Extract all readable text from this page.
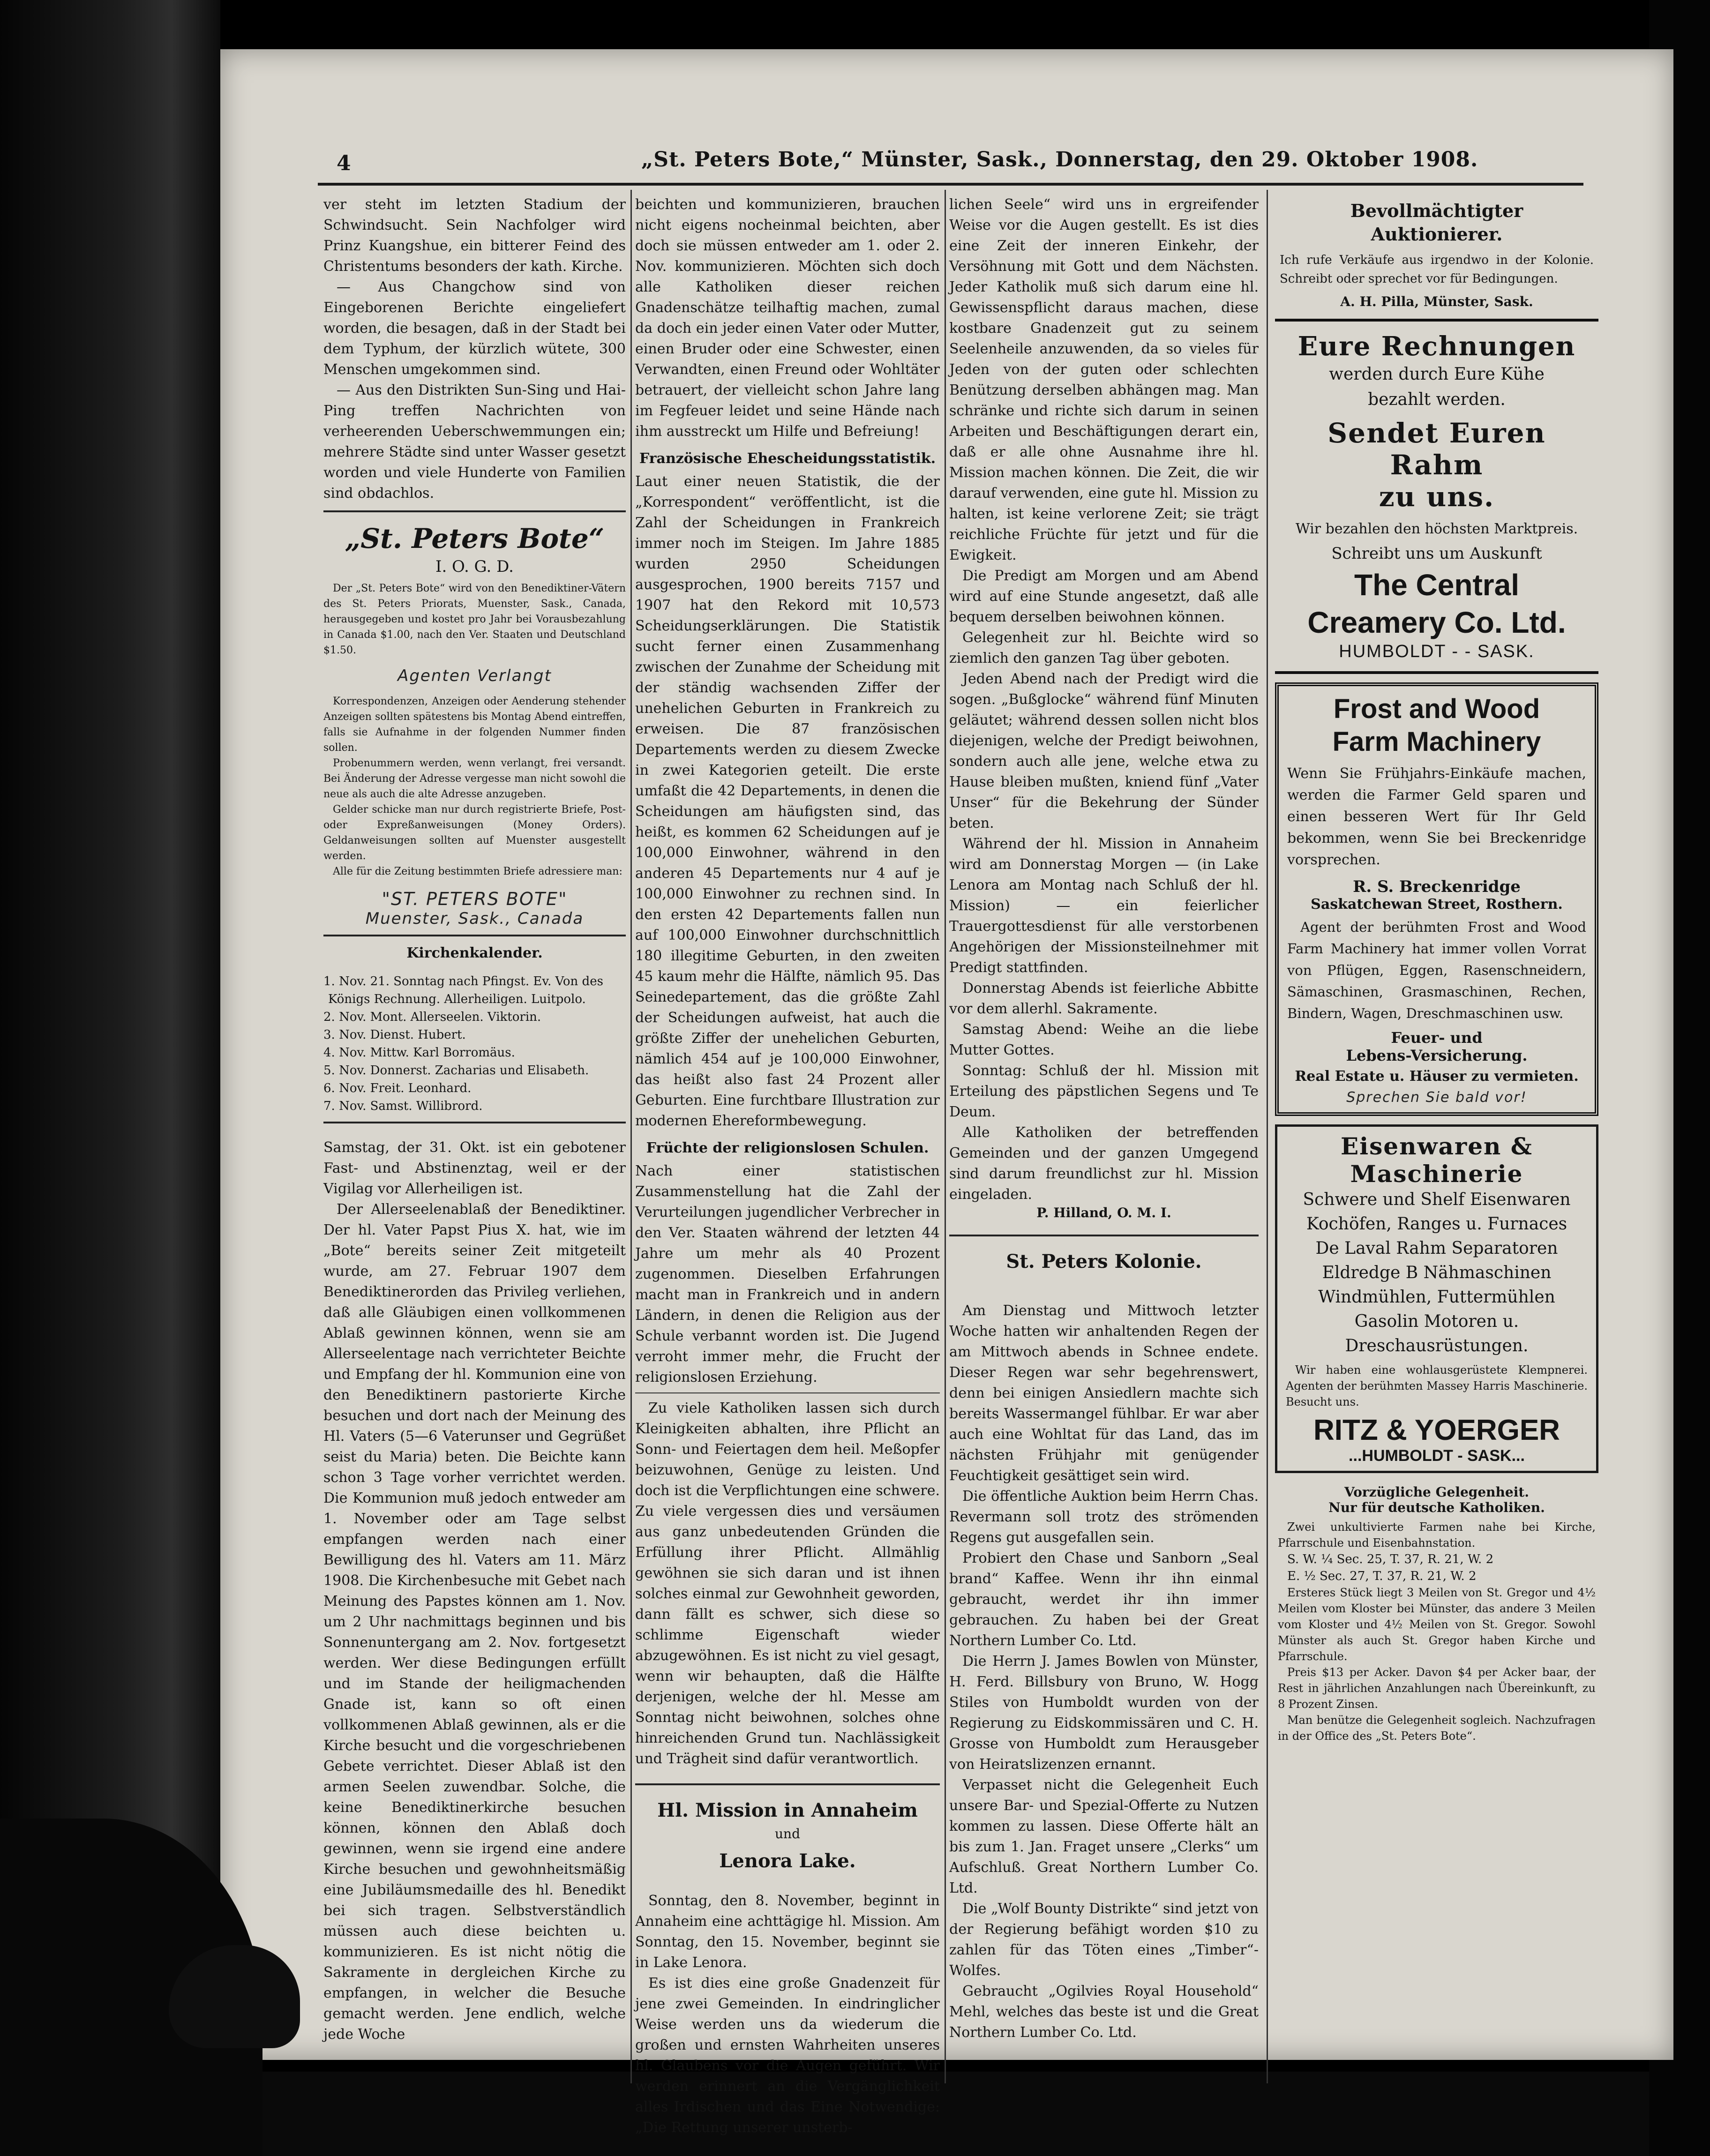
4	„St. Peters Bote,“ Münster, Sask., Donnerstag, den 29. Oktober 1908.

ver steht im letzten Stadium der Schwindsucht. Sein Nachfolger wird Prinz Kuangshue, ein bitterer Feind des Christentums besonders der kath. Kirche.

— Aus Changchow sind von Eingeborenen Berichte eingeliefert worden, die besagen, daß in der Stadt bei dem Typhum, der kürzlich wütete, 300 Menschen umgekommen sind.

— Aus den Distrikten Sun-Sing und Hai-Ping treffen Nachrichten von verheerenden Ueberschwemmungen ein; mehrere Städte sind unter Wasser gesetzt worden und viele Hunderte von Familien sind obdachlos.

„St. Peters Bote“
I. O. G. D.

Der „St. Peters Bote“ wird von den Benediktiner-Vätern des St. Peters Priorats, Muenster, Sask., Canada, herausgegeben und kostet pro Jahr bei Vorausbezahlung in Canada $1.00, nach den Ver. Staaten und Deutschland $1.50.

Agenten Verlangt

Korrespondenzen, Anzeigen oder Aenderung stehender Anzeigen sollten spätestens bis Montag Abend eintreffen, falls sie Aufnahme in der folgenden Nummer finden sollen.

Probenummern werden, wenn verlangt, frei versandt. Bei Änderung der Adresse vergesse man nicht sowohl die neue als auch die alte Adresse anzugeben.

Gelder schicke man nur durch registrierte Briefe, Post- oder Expreßanweisungen (Money Orders). Geldanweisungen sollten auf Muenster ausgestellt werden.

Alle für die Zeitung bestimmten Briefe adressiere man:

"ST. PETERS BOTE"
Muenster, Sask., Canada
Kirchenkalender.

1. Nov. 21. Sonntag nach Pfingst. Ev. Von des Königs Rechnung. Allerheiligen. Luitpolo.

2. Nov. Mont. Allerseelen. Viktorin.

3. Nov. Dienst. Hubert.

4. Nov. Mittw. Karl Borromäus.

5. Nov. Donnerst. Zacharias und Elisabeth.

6. Nov. Freit. Leonhard.

7. Nov. Samst. Willibrord.

Samstag, der 31. Okt. ist ein gebotener Fast- und Abstinenztag, weil er der Vigilag vor Allerheiligen ist.

Der Allerseelenablaß der Benediktiner. Der hl. Vater Papst Pius X. hat, wie im „Bote“ bereits seiner Zeit mitgeteilt wurde, am 27. Februar 1907 dem Benediktinerorden das Privileg verliehen, daß alle Gläubigen einen vollkommenen Ablaß gewinnen können, wenn sie am Allerseelentage nach verrichteter Beichte und Empfang der hl. Kommunion eine von den Benediktinern pastorierte Kirche besuchen und dort nach der Meinung des Hl. Vaters (5—6 Vaterunser und Gegrüßet seist du Maria) beten. Die Beichte kann schon 3 Tage vorher verrichtet werden. Die Kommunion muß jedoch entweder am 1. November oder am Tage selbst empfangen werden nach einer Bewilligung des hl. Vaters am 11. März 1908. Die Kirchenbesuche mit Gebet nach Meinung des Papstes können am 1. Nov. um 2 Uhr nachmittags beginnen und bis Sonnenuntergang am 2. Nov. fortgesetzt werden. Wer diese Bedingungen erfüllt und im Stande der heiligmachenden Gnade ist, kann so oft einen vollkommenen Ablaß gewinnen, als er die Kirche besucht und die vorgeschriebenen Gebete verrichtet. Dieser Ablaß ist den armen Seelen zuwendbar. Solche, die keine Benediktinerkirche besuchen können, können den Ablaß doch gewinnen, wenn sie irgend eine andere Kirche besuchen und gewohnheitsmäßig eine Jubiläumsmedaille des hl. Benedikt bei sich tragen. Selbstverständlich müssen auch diese beichten u. kommunizieren. Es ist nicht nötig die Sakramente in dergleichen Kirche zu empfangen, in welcher die Besuche gemacht werden. Jene endlich, welche jede Woche

beichten und kommunizieren, brauchen nicht eigens nocheinmal beichten, aber doch sie müssen entweder am 1. oder 2. Nov. kommunizieren. Möchten sich doch alle Katholiken dieser reichen Gnadenschätze teilhaftig machen, zumal da doch ein jeder einen Vater oder Mutter, einen Bruder oder eine Schwester, einen Verwandten, einen Freund oder Wohltäter betrauert, der vielleicht schon Jahre lang im Fegfeuer leidet und seine Hände nach ihm ausstreckt um Hilfe und Befreiung!

Französische Ehescheidungsstatistik.

Laut einer neuen Statistik, die der „Korrespondent“ veröffentlicht, ist die Zahl der Scheidungen in Frankreich immer noch im Steigen. Im Jahre 1885 wurden 2950 Scheidungen ausgesprochen, 1900 bereits 7157 und 1907 hat den Rekord mit 10,573 Scheidungserklärungen. Die Statistik sucht ferner einen Zusammenhang zwischen der Zunahme der Scheidung mit der ständig wachsenden Ziffer der unehelichen Geburten in Frankreich zu erweisen. Die 87 französischen Departements werden zu diesem Zwecke in zwei Kategorien geteilt. Die erste umfaßt die 42 Departements, in denen die Scheidungen am häufigsten sind, das heißt, es kommen 62 Scheidungen auf je 100,000 Einwohner, während in den anderen 45 Departements nur 4 auf je 100,000 Einwohner zu rechnen sind. In den ersten 42 Departements fallen nun auf 100,000 Einwohner durchschnittlich 180 illegitime Geburten, in den zweiten 45 kaum mehr die Hälfte, nämlich 95. Das Seinedepartement, das die größte Zahl der Scheidungen aufweist, hat auch die größte Ziffer der unehelichen Geburten, nämlich 454 auf je 100,000 Einwohner, das heißt also fast 24 Prozent aller Geburten. Eine furchtbare Illustration zur modernen Ehereformbewegung.

Früchte der religionslosen Schulen.

Nach einer statistischen Zusammenstellung hat die Zahl der Verurteilungen jugendlicher Verbrecher in den Ver. Staaten während der letzten 44 Jahre um mehr als 40 Prozent zugenommen. Dieselben Erfahrungen macht man in Frankreich und in andern Ländern, in denen die Religion aus der Schule verbannt worden ist. Die Jugend verroht immer mehr, die Frucht der religionslosen Erziehung.

Zu viele Katholiken lassen sich durch Kleinigkeiten abhalten, ihre Pflicht an Sonn- und Feiertagen dem heil. Meßopfer beizuwohnen, Genüge zu leisten. Und doch ist die Verpflichtungen eine schwere. Zu viele vergessen dies und versäumen aus ganz unbedeutenden Gründen die Erfüllung ihrer Pflicht. Allmählig gewöhnen sie sich daran und ist ihnen solches einmal zur Gewohnheit geworden, dann fällt es schwer, sich diese so schlimme Eigenschaft wieder abzugewöhnen. Es ist nicht zu viel gesagt, wenn wir behaupten, daß die Hälfte derjenigen, welche der hl. Messe am Sonntag nicht beiwohnen, solches ohne hinreichenden Grund tun. Nachlässigkeit und Trägheit sind dafür verantwortlich.

Hl. Mission in Annaheim
und
Lenora Lake.

Sonntag, den 8. November, beginnt in Annaheim eine achttägige hl. Mission. Am Sonntag, den 15. November, beginnt sie in Lake Lenora.

Es ist dies eine große Gnadenzeit für jene zwei Gemeinden. In eindringlicher Weise werden uns da wiederum die großen und ernsten Wahrheiten unseres hl. Glaubens vor die Augen geführt. Wir werden erinnert an die Vergänglichkeit alles Irdischen und das Eine Notwendige: „Die Rettung unserer unsterb-

lichen Seele“ wird uns in ergreifender Weise vor die Augen gestellt. Es ist dies eine Zeit der inneren Einkehr, der Versöhnung mit Gott und dem Nächsten. Jeder Katholik muß sich darum eine hl. Gewissenspflicht daraus machen, diese kostbare Gnadenzeit gut zu seinem Seelenheile anzuwenden, da so vieles für Jeden von der guten oder schlechten Benützung derselben abhängen mag. Man schränke und richte sich darum in seinen Arbeiten und Beschäftigungen derart ein, daß er alle ohne Ausnahme ihre hl. Mission machen können. Die Zeit, die wir darauf verwenden, eine gute hl. Mission zu halten, ist keine verlorene Zeit; sie trägt reichliche Früchte für jetzt und für die Ewigkeit.

Die Predigt am Morgen und am Abend wird auf eine Stunde angesetzt, daß alle bequem derselben beiwohnen können.

Gelegenheit zur hl. Beichte wird so ziemlich den ganzen Tag über geboten.

Jeden Abend nach der Predigt wird die sogen. „Bußglocke“ während fünf Minuten geläutet; während dessen sollen nicht blos diejenigen, welche der Predigt beiwohnen, sondern auch alle jene, welche etwa zu Hause bleiben mußten, kniend fünf „Vater Unser“ für die Bekehrung der Sünder beten.

Während der hl. Mission in Annaheim wird am Donnerstag Morgen — (in Lake Lenora am Montag nach Schluß der hl. Mission) — ein feierlicher Trauergottesdienst für alle verstorbenen Angehörigen der Missionsteilnehmer mit Predigt stattfinden.

Donnerstag Abends ist feierliche Abbitte vor dem allerhl. Sakramente.

Samstag Abend: Weihe an die liebe Mutter Gottes.

Sonntag: Schluß der hl. Mission mit Erteilung des päpstlichen Segens und Te Deum.

Alle Katholiken der betreffenden Gemeinden und der ganzen Umgegend sind darum freundlichst zur hl. Mission eingeladen.

P. Hilland, O. M. I.
St. Peters Kolonie.

Am Dienstag und Mittwoch letzter Woche hatten wir anhaltenden Regen der am Mittwoch abends in Schnee endete. Dieser Regen war sehr begehrenswert, denn bei einigen Ansiedlern machte sich bereits Wassermangel fühlbar. Er war aber auch eine Wohltat für das Land, das im nächsten Frühjahr mit genügender Feuchtigkeit gesättiget sein wird.

Die öffentliche Auktion beim Herrn Chas. Revermann soll trotz des strömenden Regens gut ausgefallen sein.

Probiert den Chase und Sanborn „Seal brand“ Kaffee. Wenn ihr ihn einmal gebraucht, werdet ihr ihn immer gebrauchen. Zu haben bei der Great Northern Lumber Co. Ltd.

Die Herrn J. James Bowlen von Münster, H. Ferd. Billsbury von Bruno, W. Hogg Stiles von Humboldt wurden von der Regierung zu Eidskommissären und C. H. Grosse von Humboldt zum Herausgeber von Heiratslizenzen ernannt.

Verpasset nicht die Gelegenheit Euch unsere Bar- und Spezial-Offerte zu Nutzen kommen zu lassen. Diese Offerte hält an bis zum 1. Jan. Fraget unsere „Clerks“ um Aufschluß. Great Northern Lumber Co. Ltd.

Die „Wolf Bounty Distrikte“ sind jetzt von der Regierung befähigt worden $10 zu zahlen für das Töten eines „Timber“-Wolfes.

Gebraucht „Ogilvies Royal Household“ Mehl, welches das beste ist und die Great Northern Lumber Co. Ltd.

Bevollmächtigter
Auktionierer.

Ich rufe Verkäufe aus irgendwo in der Kolonie. Schreibt oder sprechet vor für Bedingungen.

A. H. Pilla, Münster, Sask.
Eure Rechnungen

werden durch Eure Kühe

bezahlt werden.

Sendet Euren Rahm
zu uns.

Wir bezahlen den höchsten Marktpreis.

Schreibt uns um Auskunft

The Central

Creamery Co. Ltd.

HUMBOLDT - - SASK.

Frost and Wood

Farm Machinery

Wenn Sie Frühjahrs-Einkäufe machen, werden die Farmer Geld sparen und einen besseren Wert für Ihr Geld bekommen, wenn Sie bei Breckenridge vorsprechen.

R. S. Breckenridge
Saskatchewan Street, Rosthern.

Agent der berühmten Frost and Wood Farm Machinery hat immer vollen Vorrat von Pflügen, Eggen, Rasenschneidern, Sämaschinen, Grasmaschinen, Rechen, Bindern, Wagen, Dreschmaschinen usw.

Feuer- und
Lebens-Versicherung.
Real Estate u. Häuser zu vermieten.
Sprechen Sie bald vor!
Eisenwaren & Maschinerie

Schwere und Shelf Eisenwaren

Kochöfen, Ranges u. Furnaces

De Laval Rahm Separatoren

Eldredge B Nähmaschinen

Windmühlen, Futtermühlen

Gasolin Motoren u. Dreschausrüstungen.

Wir haben eine wohlausgerüstete Klempnerei. Agenten der berühmten Massey Harris Maschinerie. Besucht uns.

RITZ & YOERGER

...HUMBOLDT - SASK...

Vorzügliche Gelegenheit.
Nur für deutsche Katholiken.

Zwei unkultivierte Farmen nahe bei Kirche, Pfarrschule und Eisenbahnstation.

S. W. ¼ Sec. 25, T. 37, R. 21, W. 2

E. ½ Sec. 27, T. 37, R. 21, W. 2

Ersteres Stück liegt 3 Meilen von St. Gregor und 4½ Meilen vom Kloster bei Münster, das andere 3 Meilen vom Kloster und 4½ Meilen von St. Gregor. Sowohl Münster als auch St. Gregor haben Kirche und Pfarrschule.

Preis $13 per Acker. Davon $4 per Acker baar, der Rest in jährlichen Anzahlungen nach Übereinkunft, zu 8 Prozent Zinsen.

Man benütze die Gelegenheit sogleich. Nachzufragen in der Office des „St. Peters Bote“.
